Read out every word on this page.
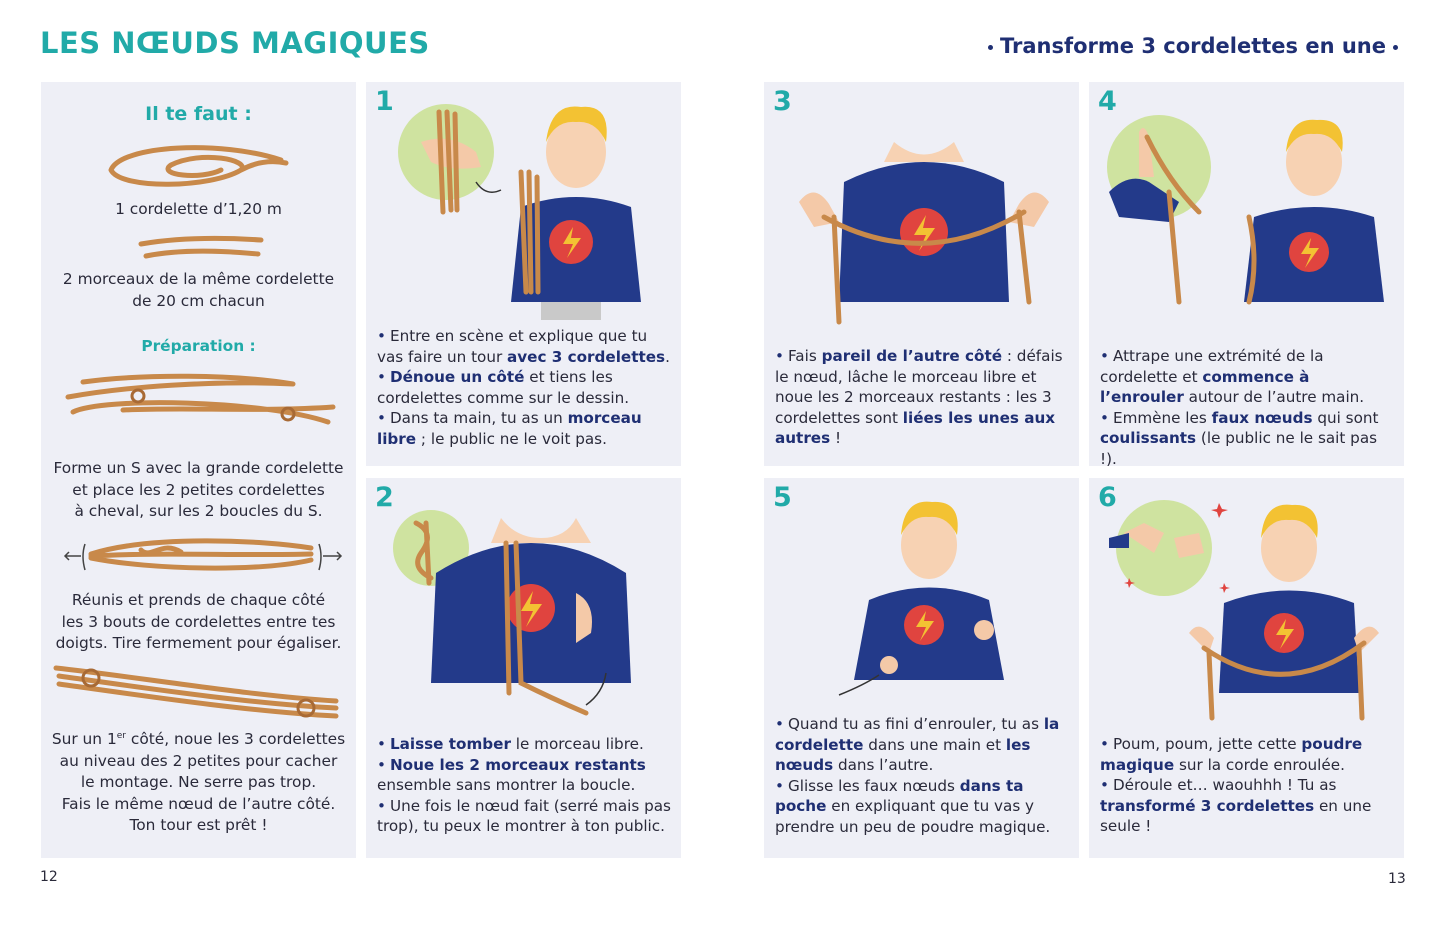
LES NŒUDS MAGIQUES	Transforme 3 cordelettes en une
Il te faut :
1 cordelette d’1,20 m
2 morceaux de la même cordelette
de 20 cm chacun
Préparation :
Forme un S avec la grande cordelette
et place les 2 petites cordelettes
à cheval, sur les 2 boucles du S.
Réunis et prends de chaque côté
les 3 bouts de cordelettes entre tes
doigts. Tire fermement pour égaliser.
Sur un 1er côté, noue les 3 cordelettes
au niveau des 2 petites pour cacher
le montage. Ne serre pas trop.
Fais le même nœud de l’autre côté.
Ton tour est prêt !
1
• Entre en scène et explique que tu vas faire un tour avec 3 cordelettes.
• Dénoue un côté et tiens les cordelettes comme sur le dessin.
• Dans ta main, tu as un morceau libre ; le public ne le voit pas.
2
• Laisse tomber le morceau libre.
• Noue les 2 morceaux restants ensemble sans montrer la boucle.
• Une fois le nœud fait (serré mais pas trop), tu peux le montrer à ton public.
3
• Fais pareil de l’autre côté : défais le nœud, lâche le morceau libre et noue les 2 morceaux restants : les 3 cordelettes sont liées les unes aux autres !
4
• Attrape une extrémité de la cordelette et commence à l’enrouler autour de l’autre main.
• Emmène les faux nœuds qui sont coulissants (le public ne le sait pas !).
5
• Quand tu as fini d’enrouler, tu as la cordelette dans une main et les nœuds dans l’autre.
• Glisse les faux nœuds dans ta poche en expliquant que tu vas y prendre un peu de poudre magique.
6
• Poum, poum, jette cette poudre magique sur la corde enroulée.
• Déroule et… waouhhh ! Tu as transformé 3 cordelettes en une seule !
12	13
